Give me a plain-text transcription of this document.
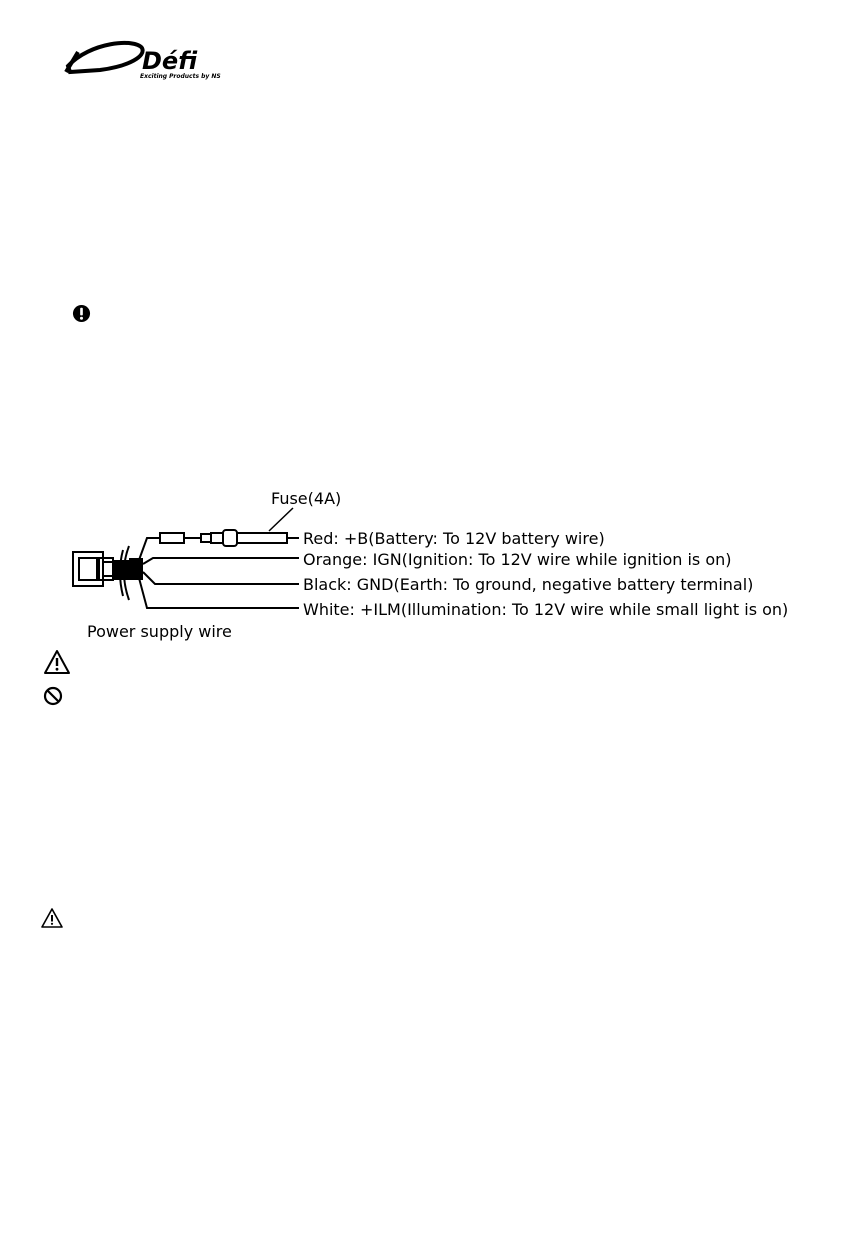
Défi
Exciting Products by NS
Fuse(4A)
Red: +B(Battery: To 12V battery wire)
Orange: IGN(Ignition: To 12V wire while ignition is on)
Black: GND(Earth: To ground, negative battery terminal)
White: +ILM(Illumination: To 12V wire while small light is on)
Power supply wire
